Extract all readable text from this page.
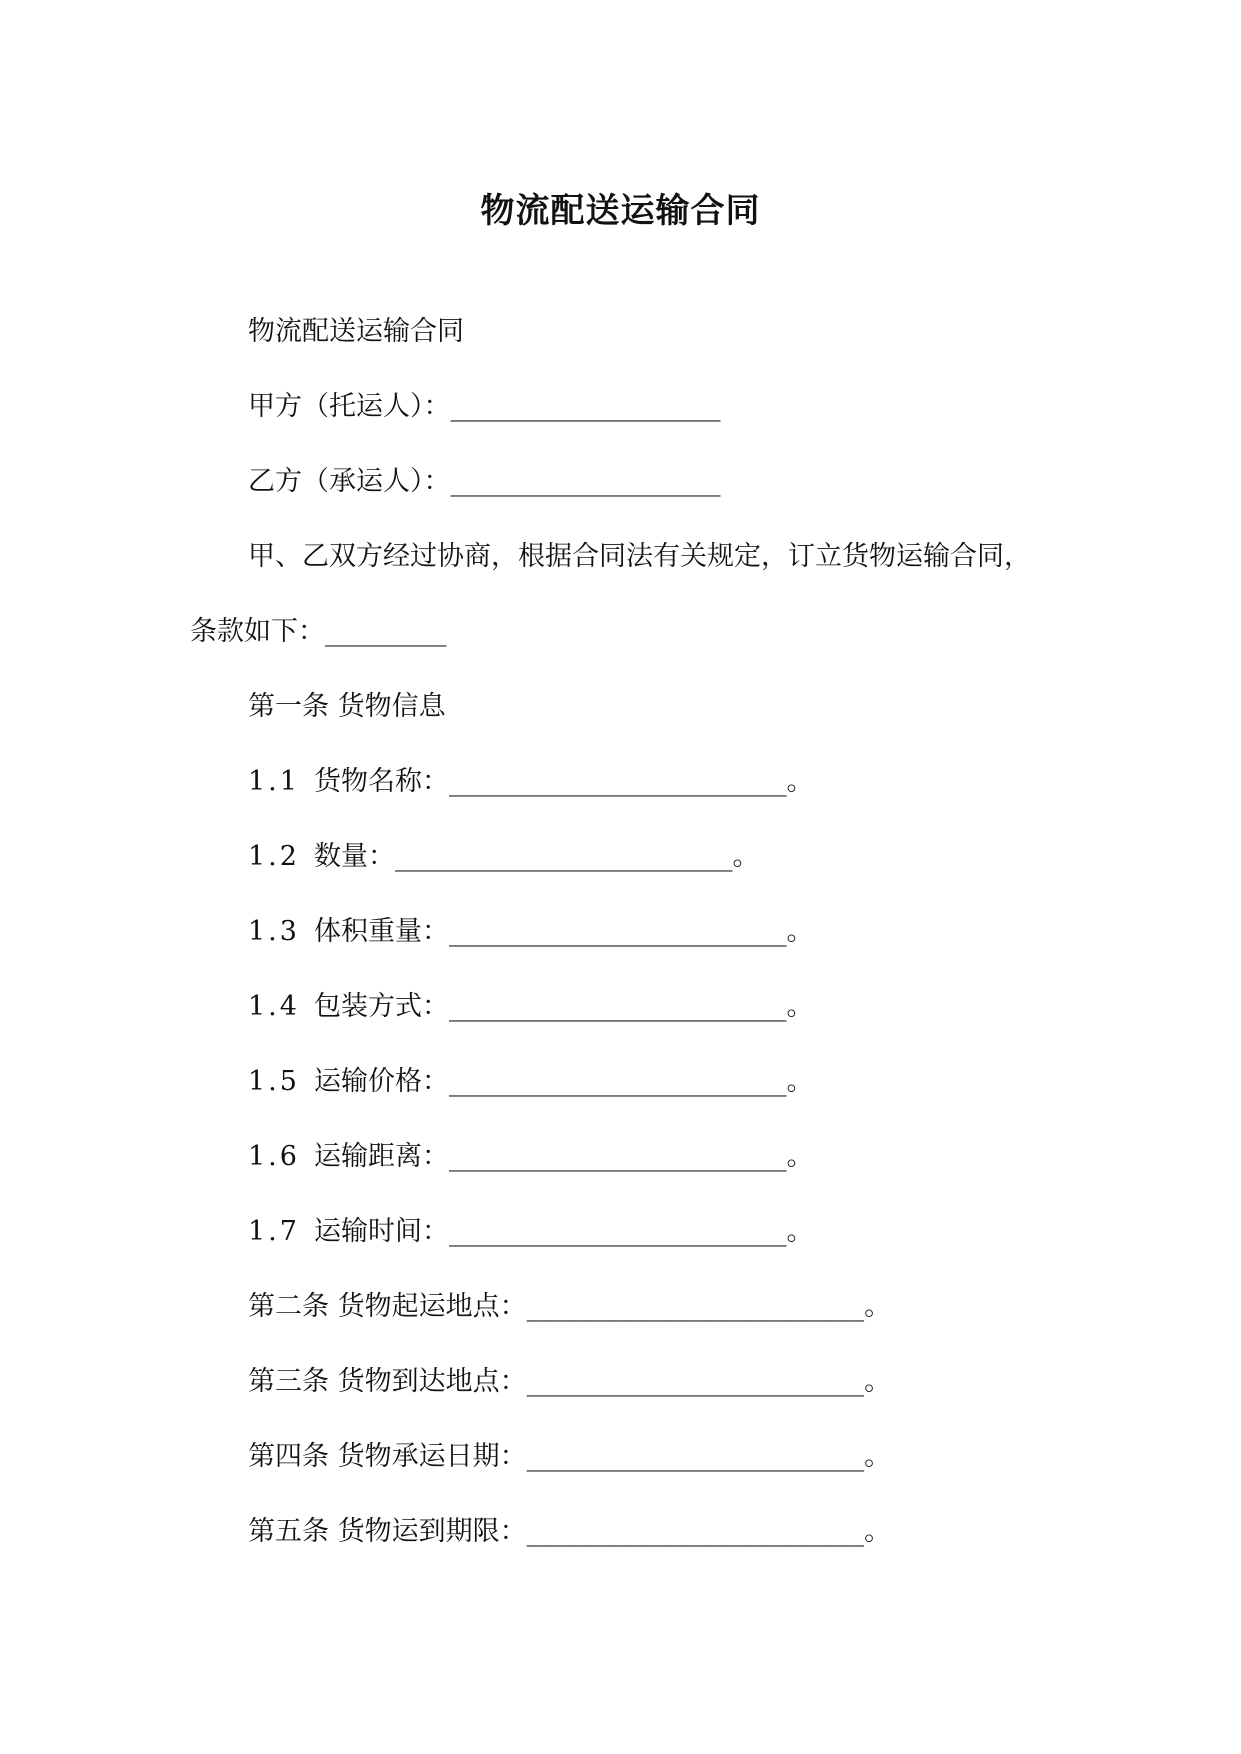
物流配送运输合同
物流配送运输合同
甲方（托运人）：____________________
乙方（承运人）：____________________
甲、乙双方经过协商，根据合同法有关规定，订立货物运输合同，
条款如下：_________
第一条 货物信息
1.1 货物名称：_________________________。
1.2 数量：_________________________。
1.3 体积重量：_________________________。
1.4 包装方式：_________________________。
1.5 运输价格：_________________________。
1.6 运输距离：_________________________。
1.7 运输时间：_________________________。
第二条 货物起运地点：_________________________。
第三条 货物到达地点：_________________________。
第四条 货物承运日期：_________________________。
第五条 货物运到期限：_________________________。
